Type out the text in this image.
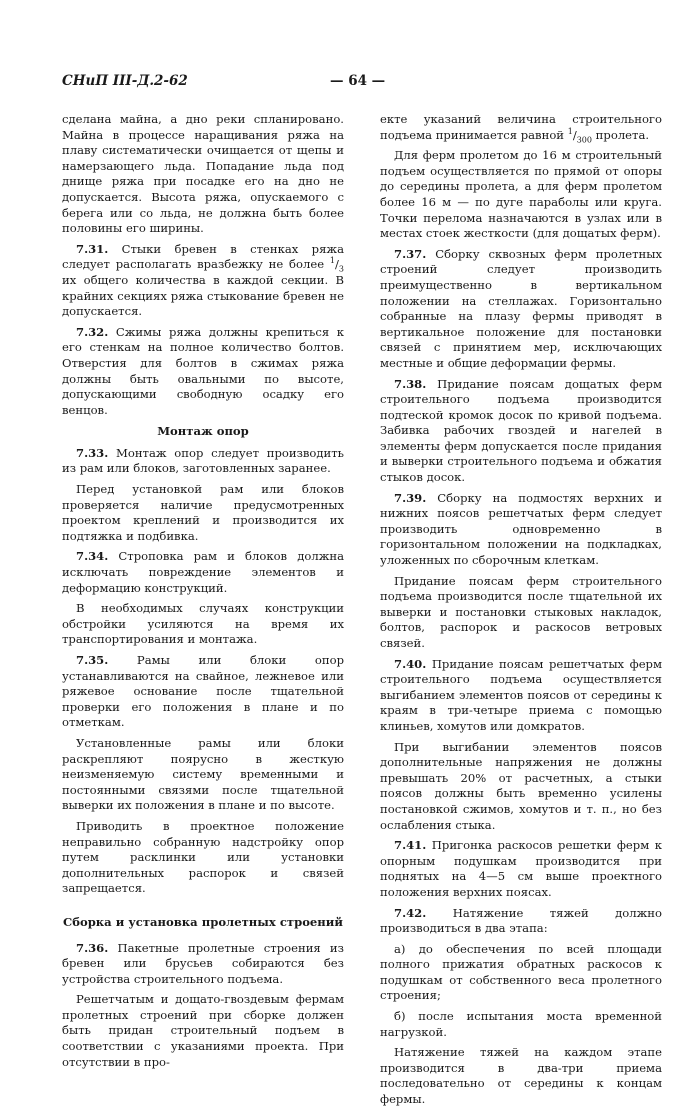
СНиП III-Д.2-62	— 64 —

сделана майна, а дно реки спланировано. Майна в процессе наращивания ряжа на плаву систематически очищается от щепы и намерзающего льда. Попадание льда под днище ряжа при посадке его на дно не допускается. Высота ряжа, опускаемого с берега или со льда, не должна быть более половины его ширины.

7.31. Стыки бревен в стенках ряжа следует располагать вразбежку не более $^1/_3$ их общего количества в каждой секции. В крайних секциях ряжа стыкование бревен не допускается.

7.32. Сжимы ряжа должны крепиться к его стенкам на полное количество болтов. Отверстия для болтов в сжимах ряжа должны быть овальными по высоте, допускающими свободную осадку его венцов.

Монтаж опор

7.33. Монтаж опор следует производить из рам или блоков, заготовленных заранее.

Перед установкой рам или блоков проверяется наличие предусмотренных проектом креплений и производится их подтяжка и подбивка.

7.34. Строповка рам и блоков должна исключать повреждение элементов и деформацию конструкций.

В необходимых случаях конструкции обстройки усиляются на время их транспортирования и монтажа.

7.35. Рамы или блоки опор устанавливаются на свайное, лежневое или ряжевое основание после тщательной проверки его положения в плане и по отметкам.

Установленные рамы или блоки раскрепляют поярусно в жесткую неизменяемую систему временными и постоянными связями после тщательной выверки их положения в плане и по высоте.

Приводить в проектное положение неправильно собранную надстройку опор путем расклинки или установки дополнительных распорок и связей запрещается.

Сборка и установка пролетных строений

7.36. Пакетные пролетные строения из бревен или брусьев собираются без устройства строительного подъема.

Решетчатым и дощато-гвоздевым фермам пролетных строений при сборке должен быть придан строительный подъем в соответствии с указаниями проекта. При отсутствии в про-

екте указаний величина строительного подъема принимается равной $^1/_{300}$ пролета.

Для ферм пролетом до 16 м строительный подъем осуществляется по прямой от опоры до середины пролета, а для ферм пролетом более 16 м — по дуге параболы или круга. Точки перелома назначаются в узлах или в местах стоек жесткости (для дощатых ферм).

7.37. Сборку сквозных ферм пролетных строений следует производить преимущественно в вертикальном положении на стеллажах. Горизонтально собранные на плазу фермы приводят в вертикальное положение для постановки связей с принятием мер, исключающих местные и общие деформации фермы.

7.38. Придание поясам дощатых ферм строительного подъема производится подтеской кромок досок по кривой подъема. Забивка рабочих гвоздей и нагелей в элементы ферм допускается после придания и выверки строительного подъема и обжатия стыков досок.

7.39. Сборку на подмостях верхних и нижних поясов решетчатых ферм следует производить одновременно в горизонтальном положении на подкладках, уложенных по сборочным клеткам.

Придание поясам ферм строительного подъема производится после тщательной их выверки и постановки стыковых накладок, болтов, распорок и раскосов ветровых связей.

7.40. Придание поясам решетчатых ферм строительного подъема осуществляется выгибанием элементов поясов от середины к краям в три-четыре приема с помощью клиньев, хомутов или домкратов.

При выгибании элементов поясов дополнительные напряжения не должны превышать 20% от расчетных, а стыки поясов должны быть временно усилены постановкой сжимов, хомутов и т. п., но без ослабления стыка.

7.41. Пригонка раскосов решетки ферм к опорным подушкам производится при поднятых на 4—5 см выше проектного положения верхних поясах.

7.42. Натяжение тяжей должно производиться в два этапа:

а) до обеспечения по всей площади полного прижатия обратных раскосов к подушкам от собственного веса пролетного строения;

б) после испытания моста временной нагрузкой.

Натяжение тяжей на каждом этапе производится в два-три приема последовательно от середины к концам фермы.
